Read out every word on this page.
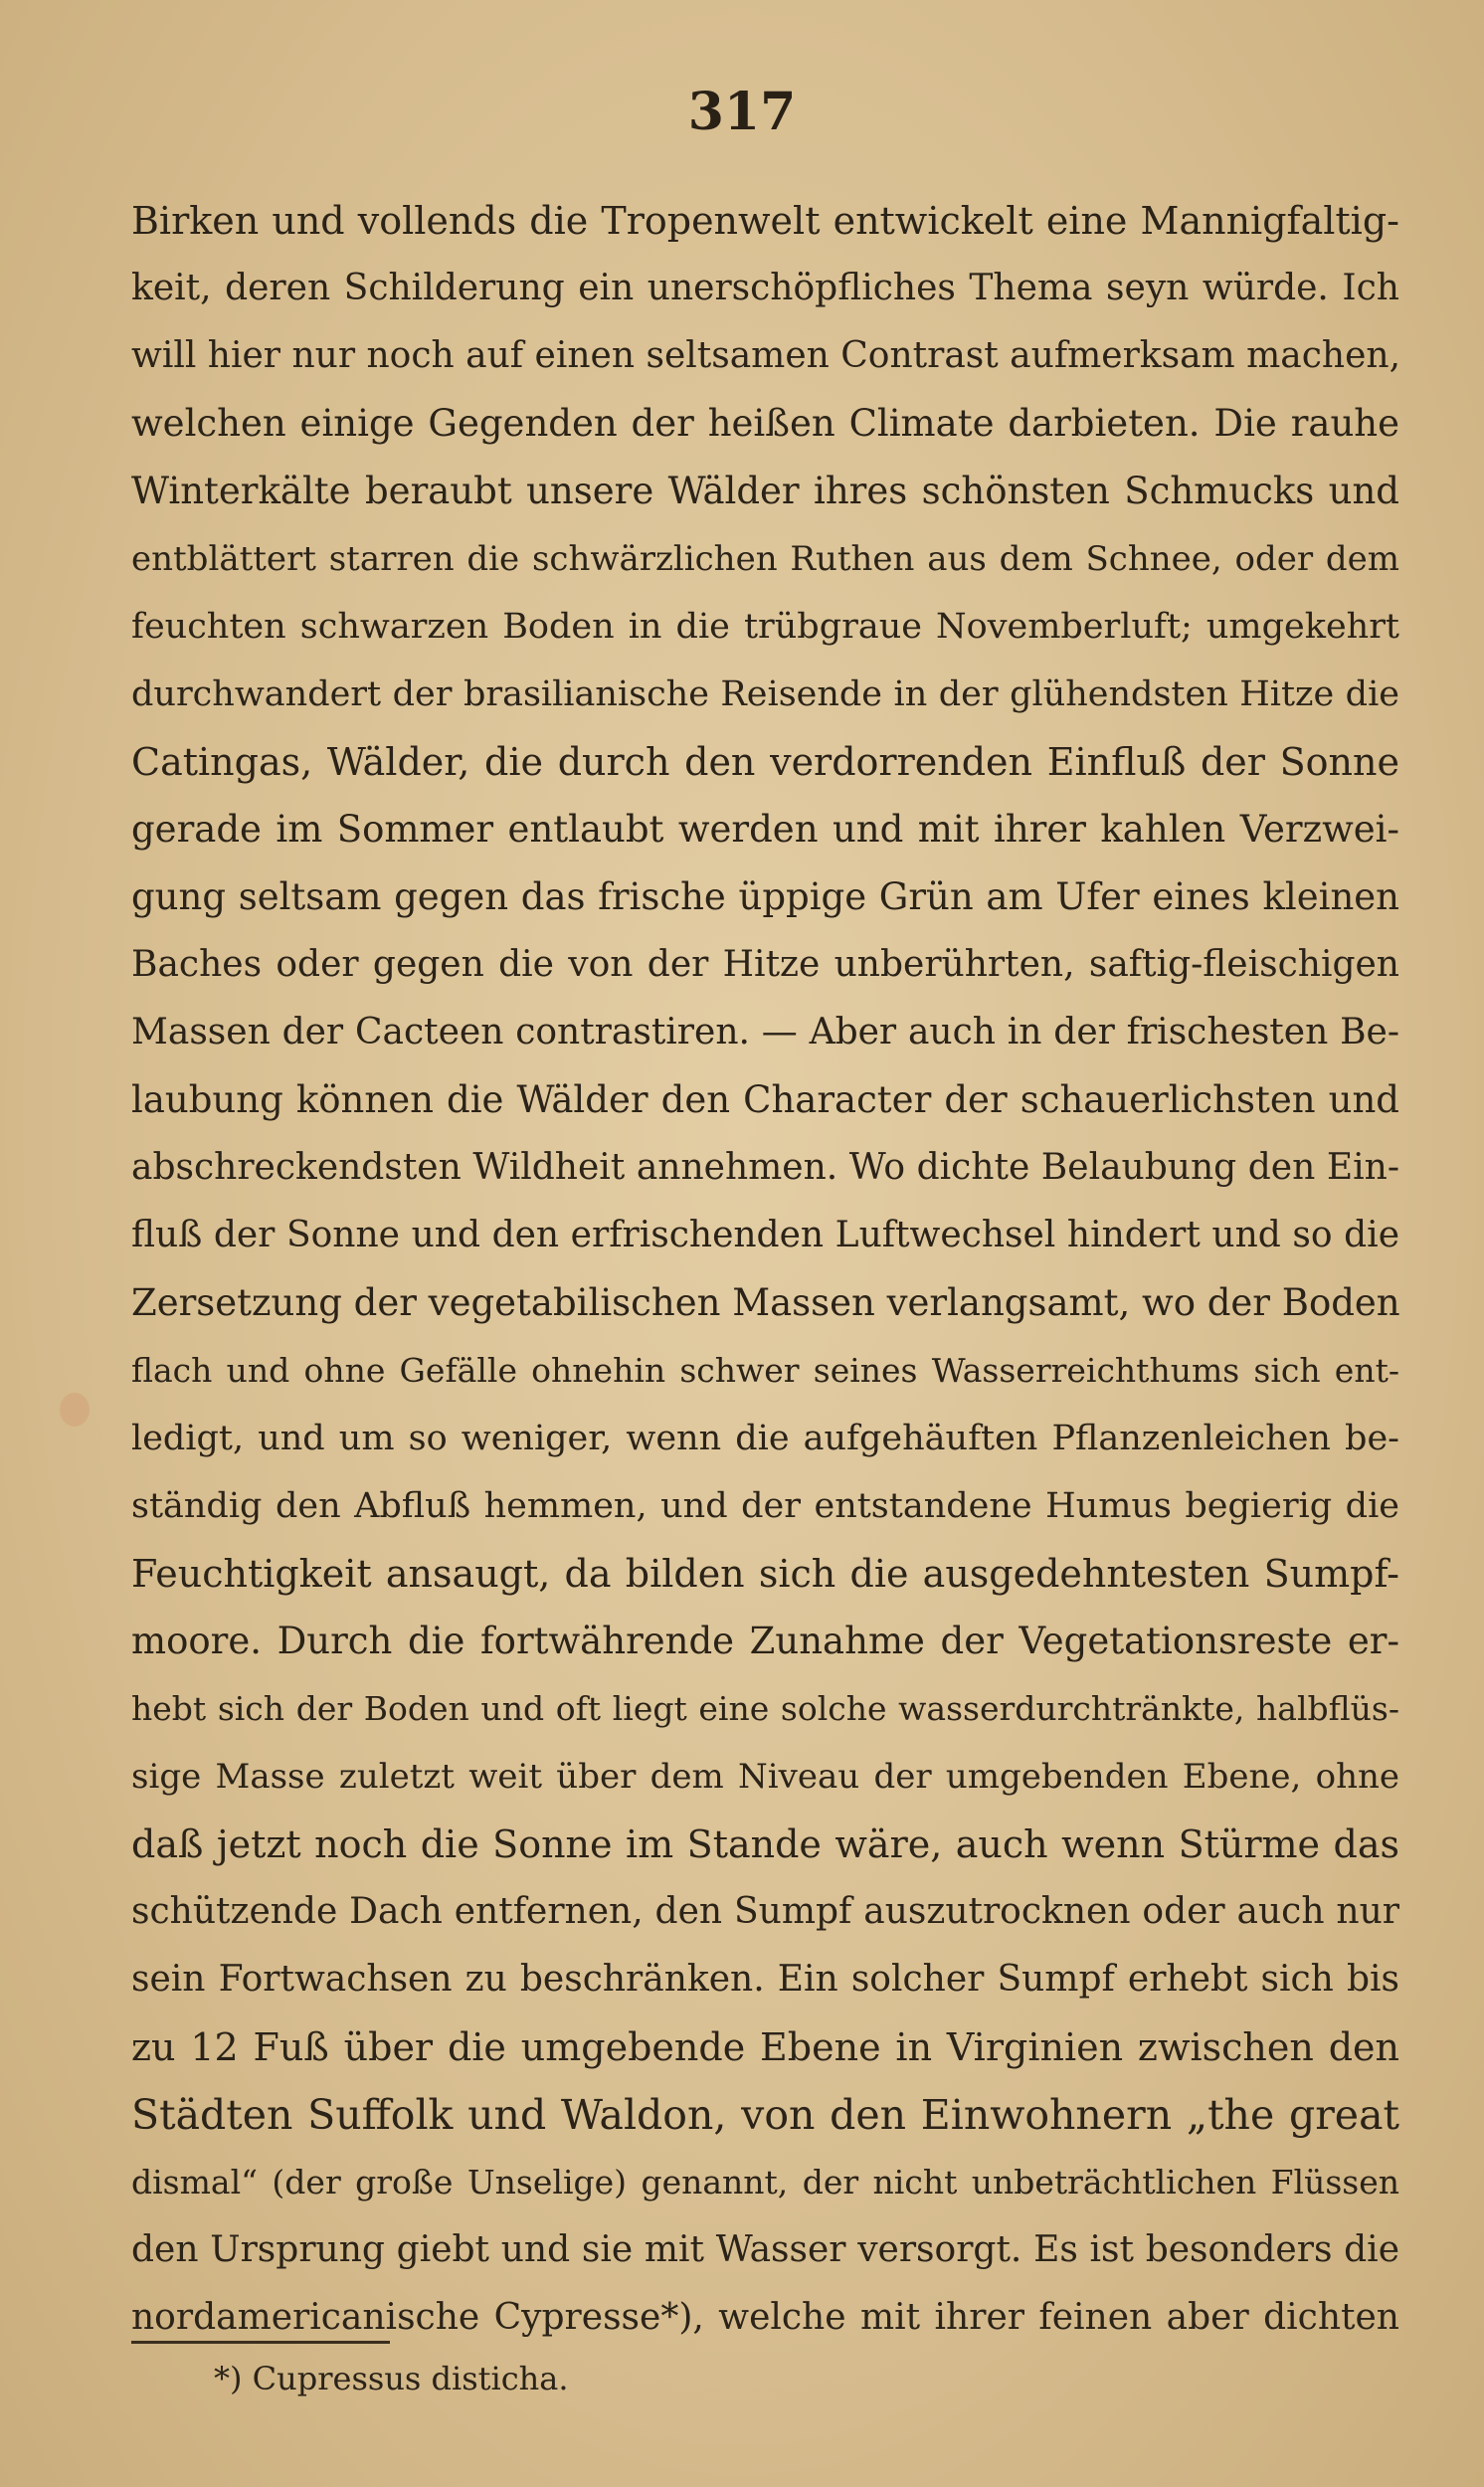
317
Birken und vollends die Tropenwelt entwickelt eine Mannigfaltig-
keit, deren Schilderung ein unerschöpfliches Thema seyn würde. Ich
will hier nur noch auf einen seltsamen Contrast aufmerksam machen,
welchen einige Gegenden der heißen Climate darbieten. Die rauhe
Winterkälte beraubt unsere Wälder ihres schönsten Schmucks und
entblättert starren die schwärzlichen Ruthen aus dem Schnee, oder dem
feuchten schwarzen Boden in die trübgraue Novemberluft; umgekehrt
durchwandert der brasilianische Reisende in der glühendsten Hitze die
Catingas, Wälder, die durch den verdorrenden Einfluß der Sonne
gerade im Sommer entlaubt werden und mit ihrer kahlen Verzwei-
gung seltsam gegen das frische üppige Grün am Ufer eines kleinen
Baches oder gegen die von der Hitze unberührten, saftig-fleischigen
Massen der Cacteen contrastiren. — Aber auch in der frischesten Be-
laubung können die Wälder den Character der schauerlichsten und
abschreckendsten Wildheit annehmen. Wo dichte Belaubung den Ein-
fluß der Sonne und den erfrischenden Luftwechsel hindert und so die
Zersetzung der vegetabilischen Massen verlangsamt, wo der Boden
flach und ohne Gefälle ohnehin schwer seines Wasserreichthums sich ent-
ledigt, und um so weniger, wenn die aufgehäuften Pflanzenleichen be-
ständig den Abfluß hemmen, und der entstandene Humus begierig die
Feuchtigkeit ansaugt, da bilden sich die ausgedehntesten Sumpf-
moore. Durch die fortwährende Zunahme der Vegetationsreste er-
hebt sich der Boden und oft liegt eine solche wasserdurchtränkte, halbflüs-
sige Masse zuletzt weit über dem Niveau der umgebenden Ebene, ohne
daß jetzt noch die Sonne im Stande wäre, auch wenn Stürme das
schützende Dach entfernen, den Sumpf auszutrocknen oder auch nur
sein Fortwachsen zu beschränken. Ein solcher Sumpf erhebt sich bis
zu 12 Fuß über die umgebende Ebene in Virginien zwischen den
Städten Suffolk und Waldon, von den Einwohnern „the great
dismal“ (der große Unselige) genannt, der nicht unbeträchtlichen Flüssen
den Ursprung giebt und sie mit Wasser versorgt. Es ist besonders die
nordamericanische Cypresse*), welche mit ihrer feinen aber dichten
*) Cupressus disticha.
